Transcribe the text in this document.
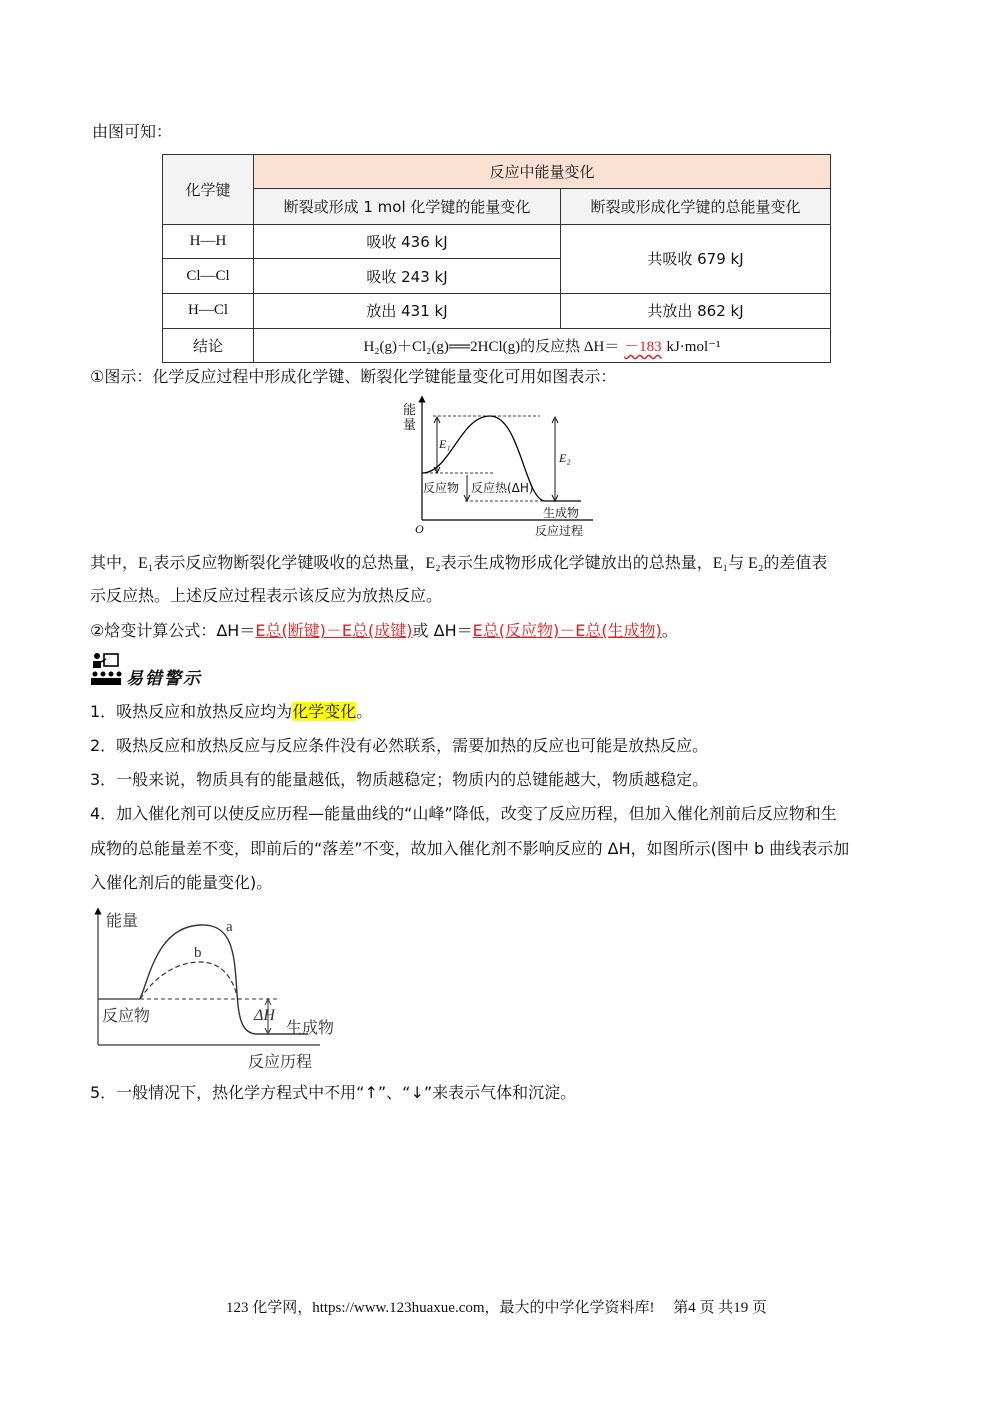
由图可知：
化学键	反应中能量变化	
	断裂或形成 1 mol 化学键的能量变化	断裂或形成化学键的总能量变化
H—H	吸收 436 kJ	共吸收 679 kJ
Cl—Cl	吸收 243 kJ	
H—Cl	放出 431 kJ	共放出 862 kJ
结论	H₂(g)＋Cl₂(g)══2HCl(g)的反应热 ΔH＝ －183 kJ·mol⁻¹	
①图示：化学反应过程中形成化学键、断裂化学键能量变化可用如图表示：
能
量
E₁
E₂
反应物 反应热(ΔH)
生成物
O	反应过程
其中，E₁表示反应物断裂化学键吸收的总热量，E₂表示生成物形成化学键放出的总热量，E₁与 E₂的差值表
示反应热。上述反应过程表示该反应为放热反应。
②焓变计算公式：ΔH＝E总(断键)－E总(成键)或 ΔH＝E总(反应物)－E总(生成物)。
易错警示
1．吸热反应和放热反应均为化学变化。
2．吸热反应和放热反应与反应条件没有必然联系，需要加热的反应也可能是放热反应。
3．一般来说，物质具有的能量越低，物质越稳定；物质内的总键能越大，物质越稳定。
4．加入催化剂可以使反应历程—能量曲线的“山峰”降低，改变了反应历程，但加入催化剂前后反应物和生
成物的总能量差不变，即前后的“落差”不变，故加入催化剂不影响反应的 ΔH，如图所示(图中 b 曲线表示加
入催化剂后的能量变化)。
能量	a
b
反应物	ΔH
生成物
反应历程
5．一般情况下，热化学方程式中不用“↑”、“↓”来表示气体和沉淀。
123 化学网，https://www.123huaxue.com，最大的中学化学资料库!　 第4 页 共19 页
